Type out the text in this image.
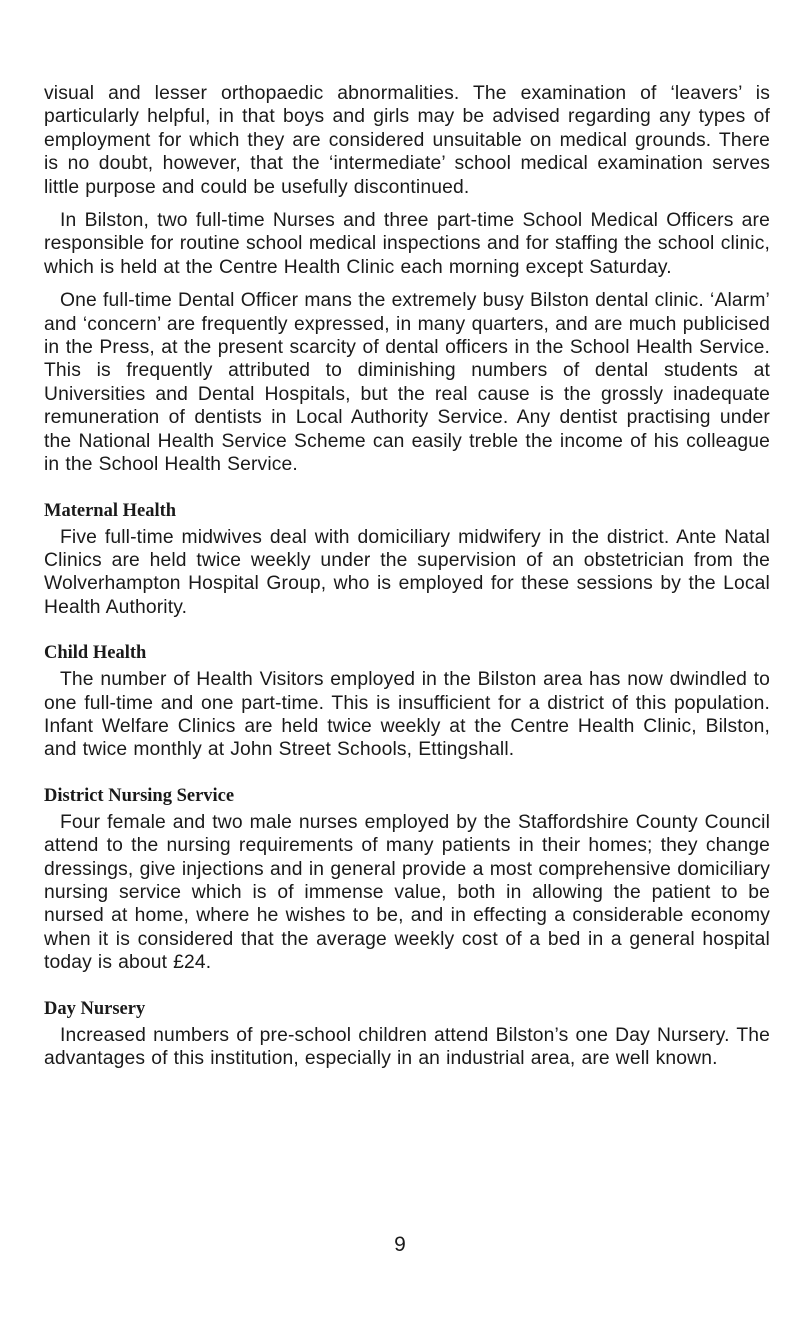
visual and lesser orthopaedic abnormalities. The examination of ‘leavers’ is particularly helpful, in that boys and girls may be advised regarding any types of employment for which they are considered unsuitable on medical grounds. There is no doubt, however, that the ‘intermediate’ school medical examination serves little purpose and could be usefully discontinued.

In Bilston, two full-time Nurses and three part-time School Medical Officers are responsible for routine school medical inspections and for staffing the school clinic, which is held at the Centre Health Clinic each morning except Saturday.

One full-time Dental Officer mans the extremely busy Bilston dental clinic. ‘Alarm’ and ‘concern’ are frequently expressed, in many quarters, and are much publicised in the Press, at the present scarcity of dental officers in the School Health Service. This is frequently attributed to diminishing numbers of dental students at Universities and Dental Hospitals, but the real cause is the grossly inadequate remuneration of dentists in Local Authority Service. Any dentist practising under the National Health Service Scheme can easily treble the income of his colleague in the School Health Service.

Maternal Health

Five full-time midwives deal with domiciliary midwifery in the district. Ante Natal Clinics are held twice weekly under the supervision of an obstetrician from the Wolverhampton Hospital Group, who is employed for these sessions by the Local Health Authority.

Child Health

The number of Health Visitors employed in the Bilston area has now dwindled to one full-time and one part-time. This is insufficient for a district of this population. Infant Welfare Clinics are held twice weekly at the Centre Health Clinic, Bilston, and twice monthly at John Street Schools, Ettingshall.

District Nursing Service

Four female and two male nurses employed by the Staffordshire County Council attend to the nursing requirements of many patients in their homes; they change dressings, give injections and in general provide a most comprehensive domiciliary nursing service which is of immense value, both in allowing the patient to be nursed at home, where he wishes to be, and in effecting a considerable economy when it is considered that the average weekly cost of a bed in a general hospital today is about £24.

Day Nursery

Increased numbers of pre-school children attend Bilston’s one Day Nursery. The advantages of this institution, especially in an industrial area, are well known.

9
